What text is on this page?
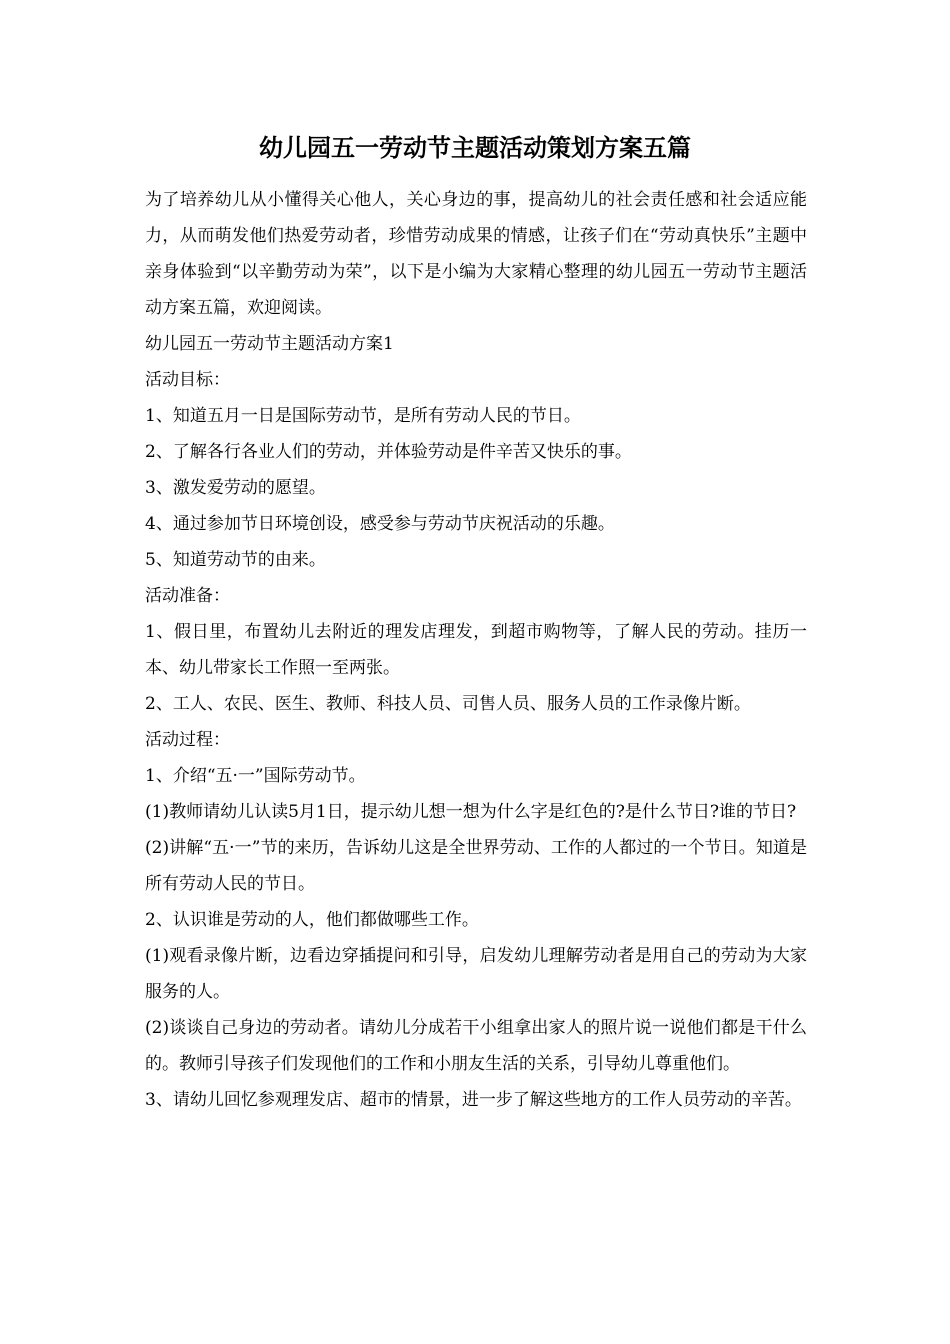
幼儿园五一劳动节主题活动策划方案五篇

为了培养幼儿从小懂得关心他人，关心身边的事，提高幼儿的社会责任感和社会适应能力，从而萌发他们热爱劳动者，珍惜劳动成果的情感，让孩子们在“劳动真快乐”主题中亲身体验到“以辛勤劳动为荣”，以下是小编为大家精心整理的幼儿园五一劳动节主题活动方案五篇，欢迎阅读。

幼儿园五一劳动节主题活动方案1

活动目标：

1、知道五月一日是国际劳动节，是所有劳动人民的节日。

2、了解各行各业人们的劳动，并体验劳动是件辛苦又快乐的事。

3、激发爱劳动的愿望。

4、通过参加节日环境创设，感受参与劳动节庆祝活动的乐趣。

5、知道劳动节的由来。

活动准备：

1、假日里，布置幼儿去附近的理发店理发，到超市购物等，了解人民的劳动。挂历一本、幼儿带家长工作照一至两张。

2、工人、农民、医生、教师、科技人员、司售人员、服务人员的工作录像片断。

活动过程：

1、介绍“五·一”国际劳动节。

(1)教师请幼儿认读5月1日，提示幼儿想一想为什么字是红色的?是什么节日?谁的节日?

(2)讲解“五·一”节的来历，告诉幼儿这是全世界劳动、工作的人都过的一个节日。知道是所有劳动人民的节日。

2、认识谁是劳动的人，他们都做哪些工作。

(1)观看录像片断，边看边穿插提问和引导，启发幼儿理解劳动者是用自己的劳动为大家服务的人。

(2)谈谈自己身边的劳动者。请幼儿分成若干小组拿出家人的照片说一说他们都是干什么的。教师引导孩子们发现他们的工作和小朋友生活的关系，引导幼儿尊重他们。

3、请幼儿回忆参观理发店、超市的情景，进一步了解这些地方的工作人员劳动的辛苦。
